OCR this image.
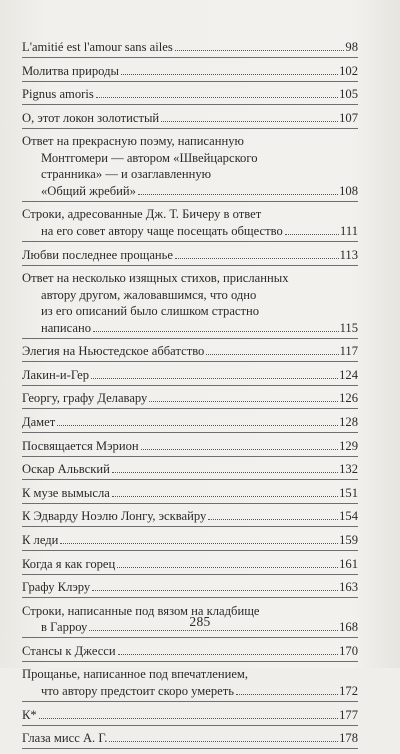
L'amitié est l'amour sans ailes	98
Молитва природы	102
Pignus amoris	105
О, этот локон золотистый	107
Ответ на прекрасную поэму, написанную
Монтгомери — автором «Швейцарского
странника» — и озаглавленную
«Общий жребий»	108
Строки, адресованные Дж. Т. Бичеру в ответ
на его совет автору чаще посещать общество	111
Любви последнее прощанье	113
Ответ на несколько изящных стихов, присланных
автору другом, жаловавшимся, что одно
из его описаний было слишком страстно
написано	115
Элегия на Ньюстедское аббатство	117
Лакин-и-Гер	124
Георгу, графу Делавару	126
Дамет	128
Посвящается Мэрион	129
Оскар Альвский	132
К музе вымысла	151
К Эдварду Ноэлю Лонгу, эсквайру	154
К леди	159
Когда я как горец	161
Графу Клэру	163
Строки, написанные под вязом на кладбище
в Гарроу	168
Стансы к Джесси	170
Прощанье, написанное под впечатлением,
что автору предстоит скоро умереть	172
К*	177
Глаза мисс А. Г.	178
285
